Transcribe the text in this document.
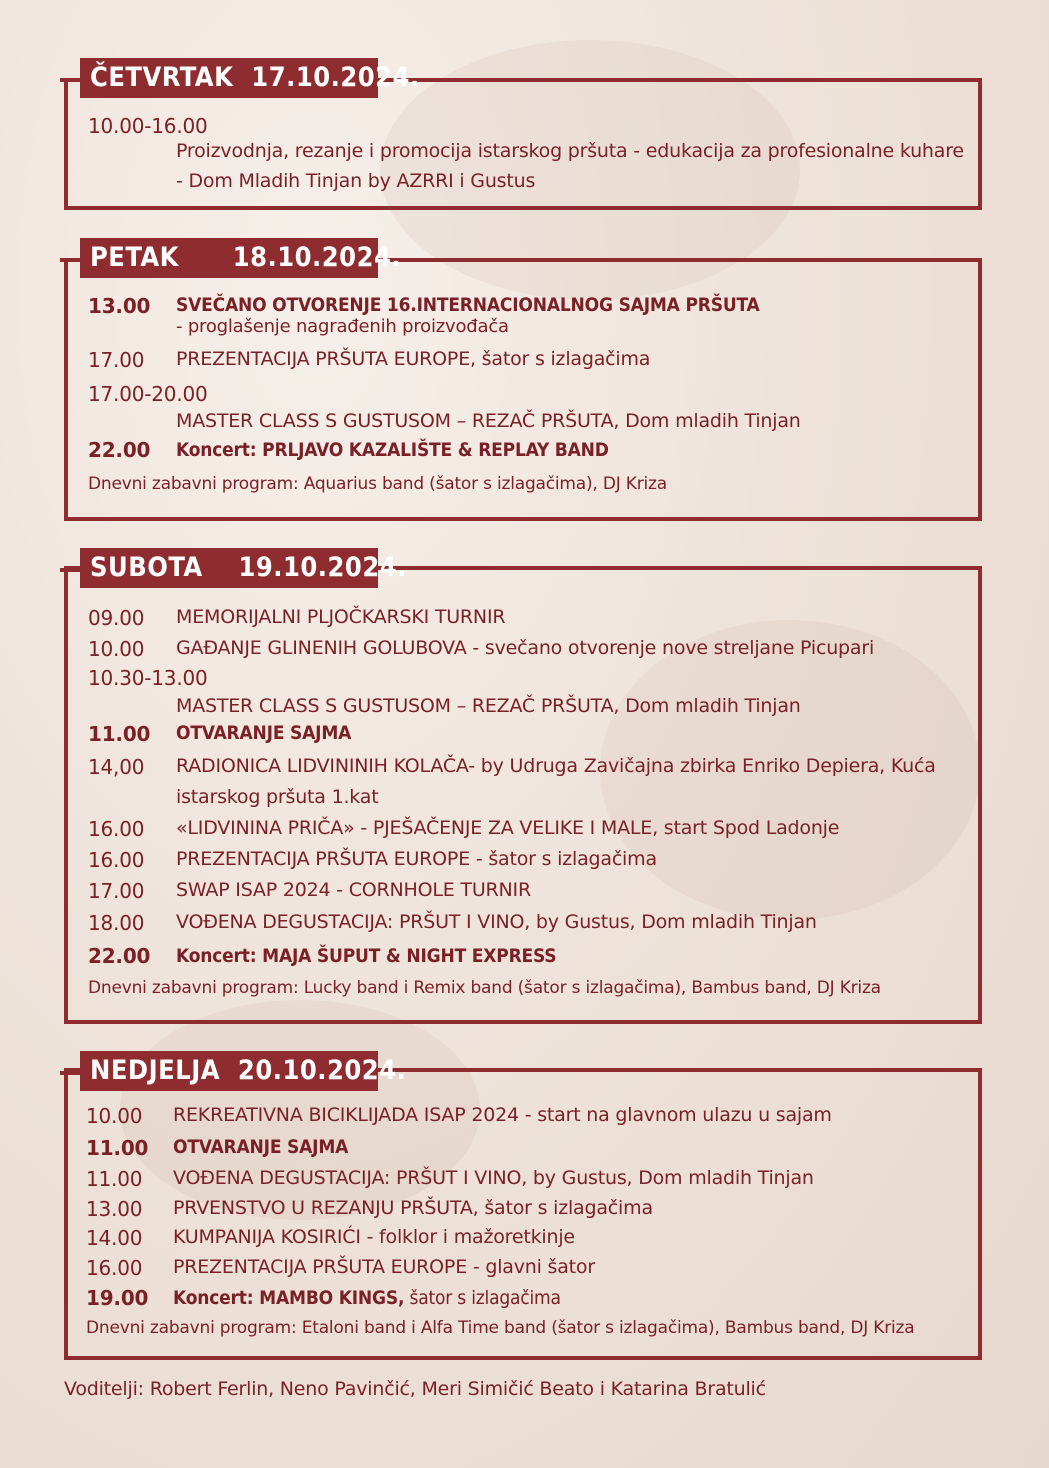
ČETVRTAK  17.10.2024.
10.00-16.00
Proizvodnja, rezanje i promocija istarskog pršuta - edukacija za profesionalne kuhare
- Dom Mladih Tinjan by AZRRI i Gustus
PETAK      18.10.2024.
13.00 SVEČANO OTVORENJE 16.INTERNACIONALNOG SAJMA PRŠUTA
- proglašenje nagrađenih proizvođača
17.00 PREZENTACIJA PRŠUTA EUROPE, šator s izlagačima
17.00-20.00
MASTER CLASS S GUSTUSOM – REZAČ PRŠUTA, Dom mladih Tinjan
22.00 Koncert: PRLJAVO KAZALIŠTE & REPLAY BAND
Dnevni zabavni program: Aquarius band (šator s izlagačima), DJ Kriza
SUBOTA    19.10.2024.
09.00 MEMORIJALNI PLJOČKARSKI TURNIR
10.00 GAĐANJE GLINENIH GOLUBOVA - svečano otvorenje nove streljane Picupari
10.30-13.00
MASTER CLASS S GUSTUSOM – REZAČ PRŠUTA, Dom mladih Tinjan
11.00 OTVARANJE SAJMA
14,00 RADIONICA LIDVININIH KOLAČA- by Udruga Zavičajna zbirka Enriko Depiera, Kuća
istarskog pršuta 1.kat
16.00 «LIDVININA PRIČA» - PJEŠAČENJE ZA VELIKE I MALE, start Spod Ladonje
16.00 PREZENTACIJA PRŠUTA EUROPE - šator s izlagačima
17.00 SWAP ISAP 2024 - CORNHOLE TURNIR
18.00 VOĐENA DEGUSTACIJA: PRŠUT I VINO, by Gustus, Dom mladih Tinjan
22.00 Koncert: MAJA ŠUPUT & NIGHT EXPRESS
Dnevni zabavni program: Lucky band i Remix band (šator s izlagačima), Bambus band, DJ Kriza
NEDJELJA  20.10.2024.
10.00 REKREATIVNA BICIKLIJADA ISAP 2024 - start na glavnom ulazu u sajam
11.00 OTVARANJE SAJMA
11.00 VOĐENA DEGUSTACIJA: PRŠUT I VINO, by Gustus, Dom mladih Tinjan
13.00 PRVENSTVO U REZANJU PRŠUTA, šator s izlagačima
14.00 KUMPANIJA KOSIRIĆI - folklor i mažoretkinje
16.00 PREZENTACIJA PRŠUTA EUROPE - glavni šator
19.00 Koncert: MAMBO KINGS, šator s izlagačima
Dnevni zabavni program: Etaloni band i Alfa Time band (šator s izlagačima), Bambus band, DJ Kriza
Voditelji: Robert Ferlin, Neno Pavinčić, Meri Simičić Beato i Katarina Bratulić
